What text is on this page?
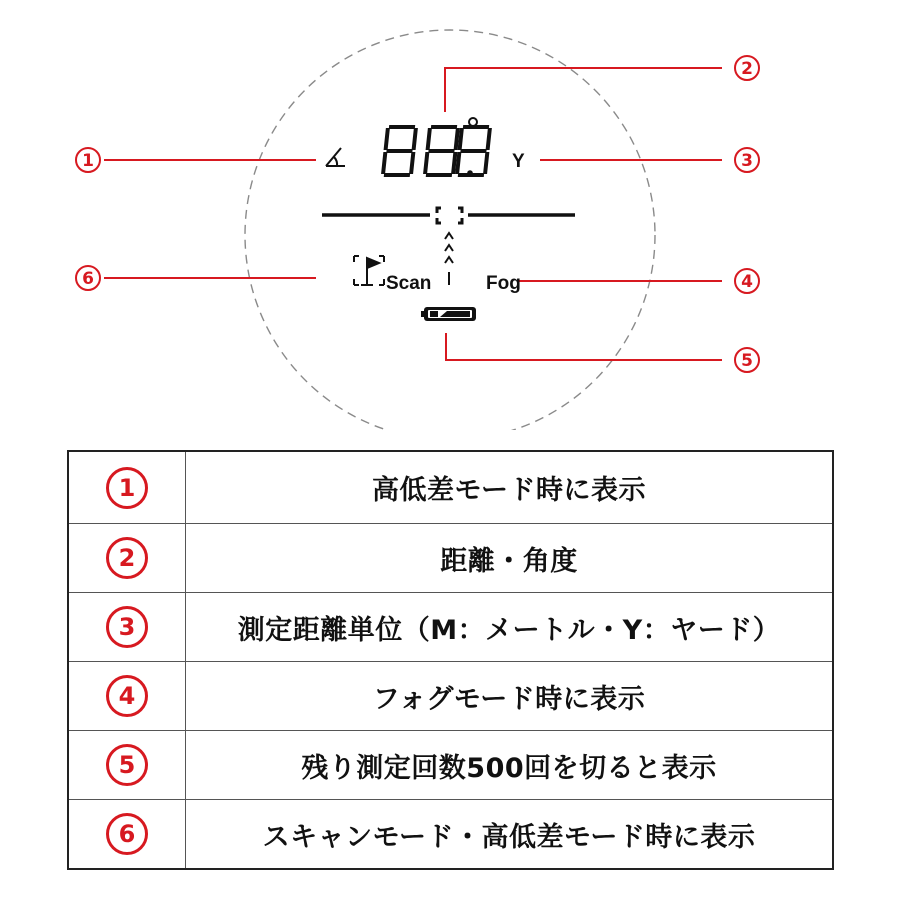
1
2
3
4
5
6
Y
Scan	Fog
1	高低差モード時に表示
2	距離・角度
3	測定距離単位（M：メートル・Y：ヤード）
4	フォグモード時に表示
5	残り測定回数500回を切ると表示
6	スキャンモード・高低差モード時に表示
